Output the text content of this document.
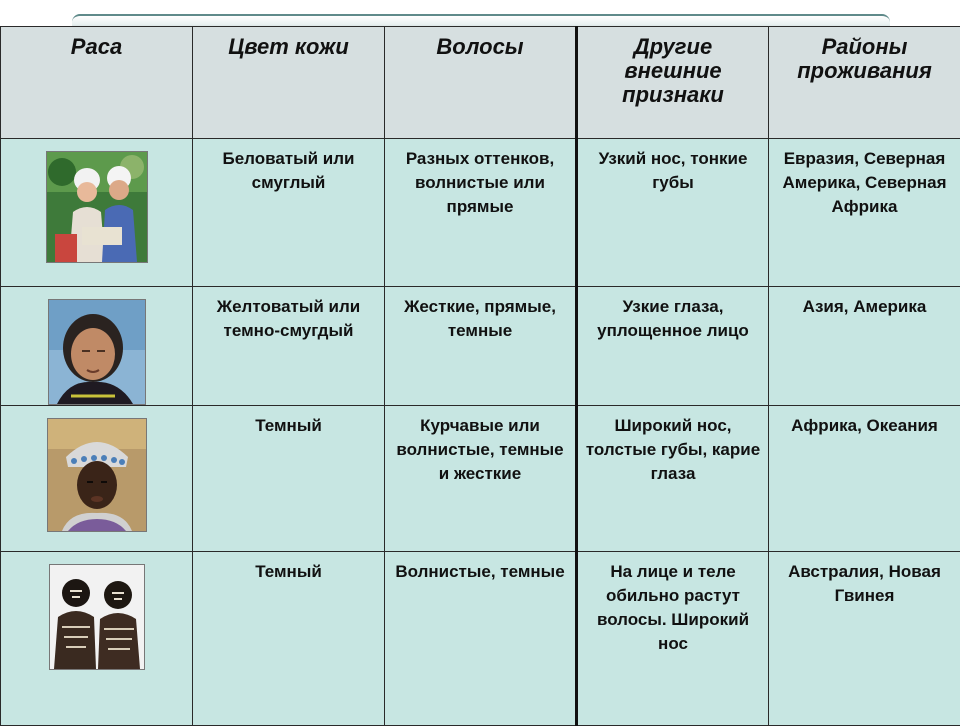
Раса	Цвет кожи	Волосы	Другие внешние признаки	Районы проживания

	Беловатый или смуглый	Разных оттенков, волнистые или прямые	Узкий нос, тонкие губы	Евразия, Северная Америка, Северная Африка

	Желтоватый или темно-смугдый	Жесткие, прямые, темные	Узкие глаза, уплощенное лицо	Азия, Америка

	Темный	Курчавые или волнистые, темные и жесткие	Широкий нос, толстые губы, карие глаза	Африка, Океания

	Темный	Волнистые, темные	На лице и теле обильно растут волосы. Широкий нос	Австралия, Новая Гвинея
